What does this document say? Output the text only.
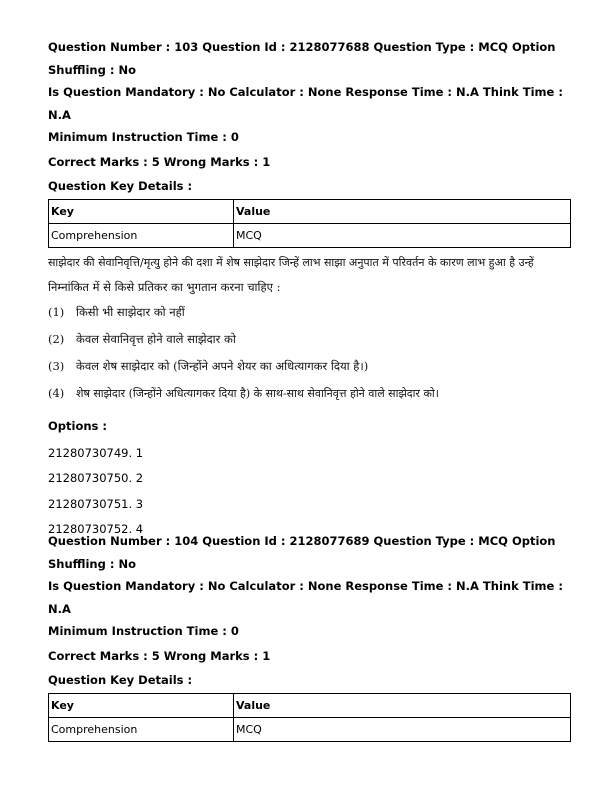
Question Number : 103 Question Id : 2128077688 Question Type : MCQ Option Shuffling : No

Is Question Mandatory : No Calculator : None Response Time : N.A Think Time : N.A

Minimum Instruction Time : 0

Correct Marks : 5 Wrong Marks : 1

Question Key Details :

Key	Value
Comprehension	MCQ

साझेदार की सेवानिवृत्ति/मृत्यु होने की दशा में शेष साझेदार जिन्हें लाभ साझा अनुपात में परिवर्तन के कारण लाभ हुआ है उन्हें

निम्नांकित में से किसे प्रतिकर का भुगतान करना चाहिए :

(1)	किसी भी साझेदार को नहीं
(2)	केवल सेवानिवृत्त होने वाले साझेदार को
(3)	केवल शेष साझेदार को (जिन्होंने अपने शेयर का अधित्यागकर दिया है।)
(4)	शेष साझेदार (जिन्होंने अधित्यागकर दिया है) के साथ-साथ सेवानिवृत्त होने वाले साझेदार को।

Options :

21280730749. 1

21280730750. 2

21280730751. 3

21280730752. 4

Question Number : 104 Question Id : 2128077689 Question Type : MCQ Option Shuffling : No

Is Question Mandatory : No Calculator : None Response Time : N.A Think Time : N.A

Minimum Instruction Time : 0

Correct Marks : 5 Wrong Marks : 1

Question Key Details :

Key	Value
Comprehension	MCQ
